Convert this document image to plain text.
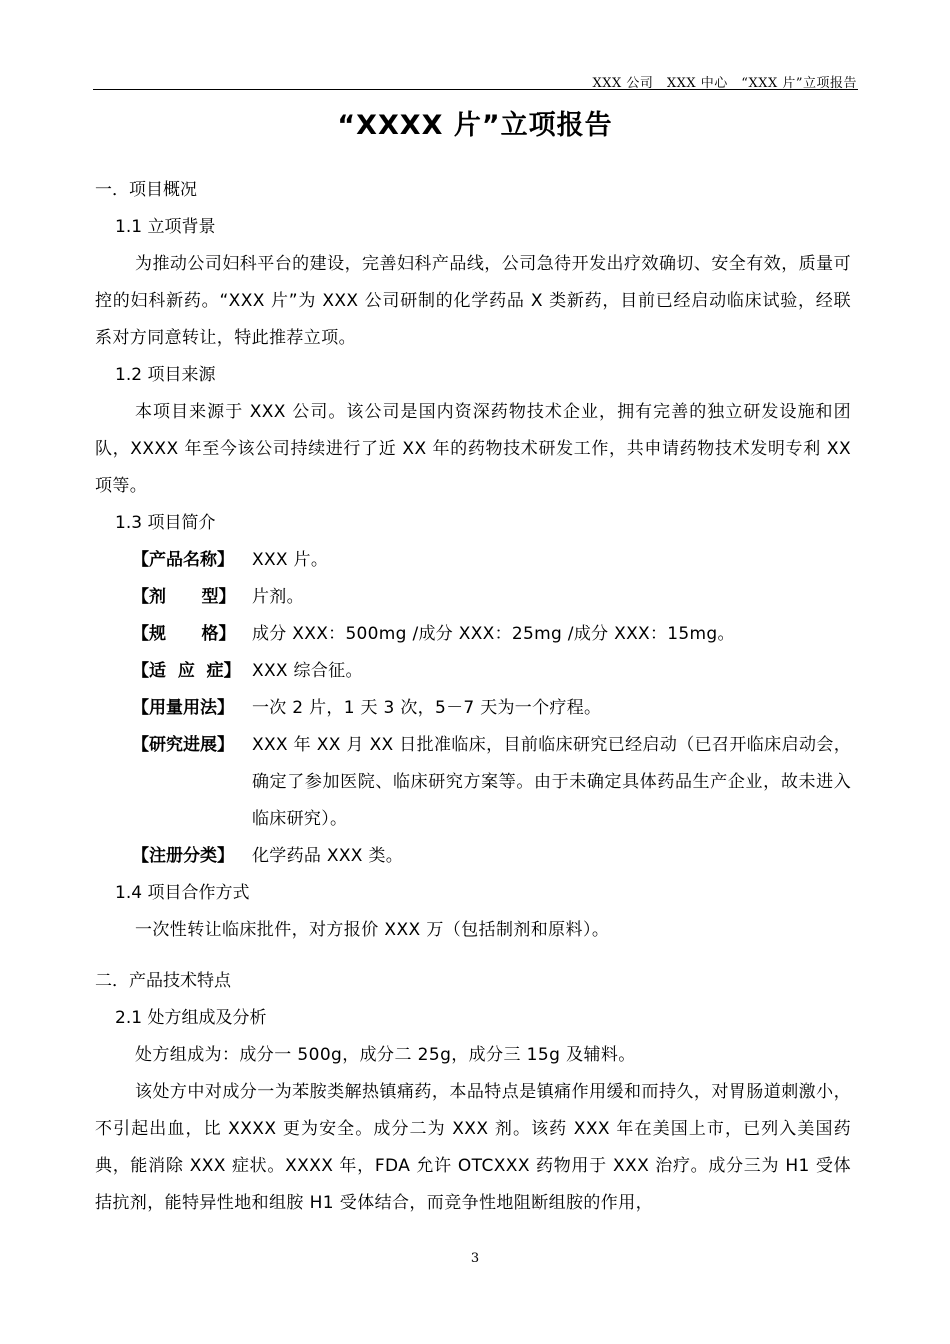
XXX 公司　XXX 中心　“XXX 片”立项报告
“XXXX 片”立项报告

一．项目概况

1.1 立项背景

为推动公司妇科平台的建设，完善妇科产品线，公司急待开发出疗效确切、安全有效，质量可控的妇科新药。“XXX 片”为 XXX 公司研制的化学药品 X 类新药，目前已经启动临床试验，经联系对方同意转让，特此推荐立项。

1.2 项目来源

本项目来源于 XXX 公司。该公司是国内资深药物技术企业，拥有完善的独立研发设施和团队，XXXX 年至今该公司持续进行了近 XX 年的药物技术研发工作，共申请药物技术发明专利 XX 项等。

1.3 项目简介

【产品名称】	XXX 片。
【剂      型】 片剂。
【规      格】 成分 XXX：500mg /成分 XXX：25mg /成分 XXX：15mg。
【适  应  症】 XXX 综合征。
【用量用法】	一次 2 片，1 天 3 次，5－7 天为一个疗程。
【研究进展】	XXX 年 XX 月 XX 日批准临床，目前临床研究已经启动（已召开临床启动会，确定了参加医院、临床研究方案等。由于未确定具体药品生产企业，故未进入临床研究）。
【注册分类】	化学药品 XXX 类。

1.4 项目合作方式

一次性转让临床批件，对方报价 XXX 万（包括制剂和原料）。

二．产品技术特点

2.1 处方组成及分析

处方组成为：成分一 500g，成分二 25g，成分三 15g 及辅料。

该处方中对成分一为苯胺类解热镇痛药，本品特点是镇痛作用缓和而持久，对胃肠道刺激小，不引起出血，比 XXXX 更为安全。成分二为 XXX 剂。该药 XXX 年在美国上市，已列入美国药典，能消除 XXX 症状。XXXX 年，FDA 允许 OTCXXX 药物用于 XXX 治疗。成分三为 H1 受体拮抗剂，能特异性地和组胺 H1 受体结合，而竞争性地阻断组胺的作用，

3
